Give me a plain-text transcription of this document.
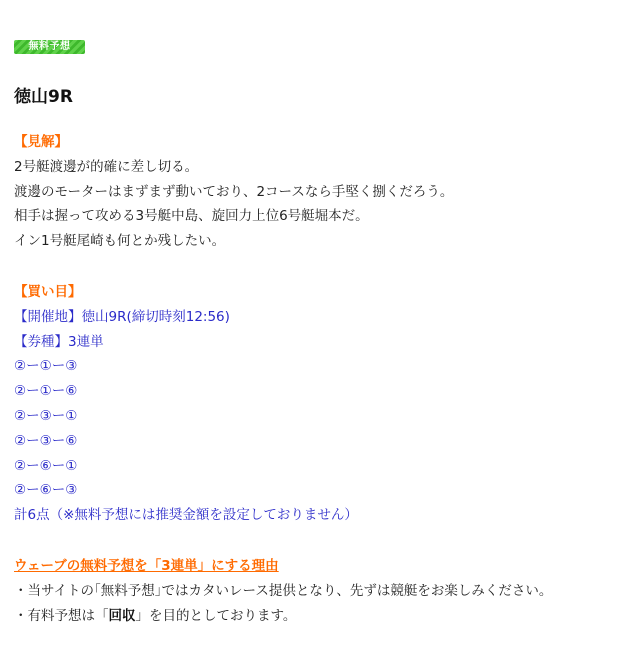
無料予想
徳山9R
【見解】
2号艇渡邊が的確に差し切る。
渡邊のモーターはまずまず動いており、2コースなら手堅く捌くだろう。
相手は握って攻める3号艇中島、旋回力上位6号艇堀本だ。
イン1号艇尾崎も何とか残したい。
【買い目】
【開催地】徳山9R(締切時刻12:56)
【券種】3連単
②ー①ー③
②ー①ー⑥
②ー③ー①
②ー③ー⑥
②ー⑥ー①
②ー⑥ー③
計6点（※無料予想には推奨金額を設定しておりません）
ウェーブの無料予想を「3連単」にする理由
・当サイトの｢無料予想｣ではカタいレース提供となり、先ずは競艇をお楽しみください。
・有料予想は「回収」を目的としております。
